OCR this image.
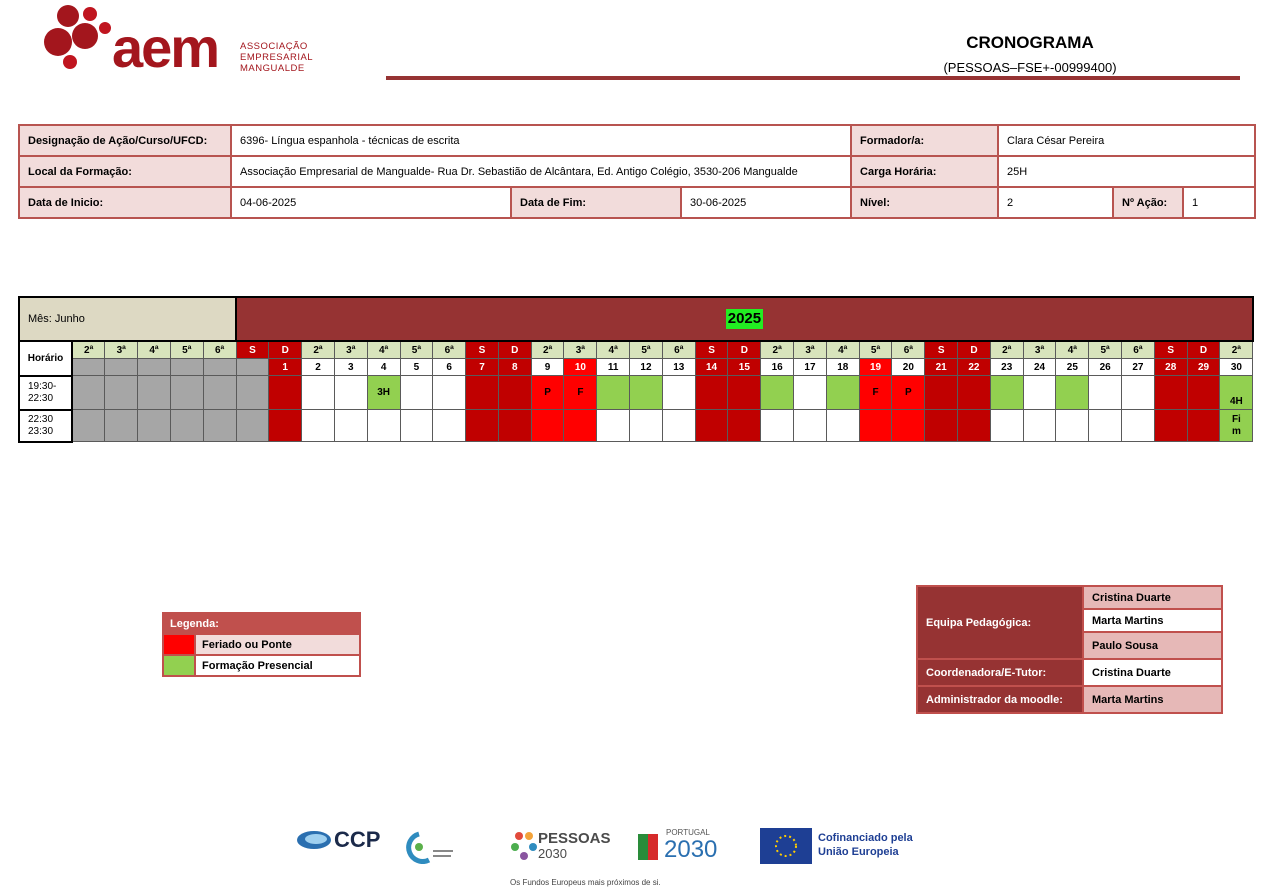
aem ASSOCIAÇÃO
EMPRESARIAL
MANGUALDE
CRONOGRAMA
(PESSOAS–FSE+-00999400)
Designação de Ação/Curso/UFCD:	6396- Língua espanhola - técnicas de escrita			Formador/a:	Clara César Pereira		
Local da Formação:	Associação Empresarial de Mangualde- Rua Dr. Sebastião de Alcântara, Ed. Antigo Colégio, 3530-206 Mangualde			Carga Horária:	25H		
Data de Inicio:	04-06-2025	Data de Fim:	30-06-2025	Nível:	2	Nº Ação:	1
Mês: Junho						2025																														
Horário	2ª	3ª	4ª	5ª	6ª	S	D	2ª	3ª	4ª	5ª	6ª	S	D	2ª	3ª	4ª	5ª	6ª	S	D	2ª	3ª	4ª	5ª	6ª	S	D	2ª	3ª	4ª	5ª	6ª	S	D	2ª
							1	2	3	4	5	6	7	8	9	10	11	12	13	14	15	16	17	18	19	20	21	22	23	24	25	26	27	28	29	30
19:30-
22:30										3H					P	F									F	P										4H
22:30
23:30																																				Fi
m
Legenda:	
	Feriado ou Ponte
	Formação Presencial
Equipa Pedagógica:	Cristina Duarte
	Marta Martins
	Paulo Sousa
Coordenadora/E-Tutor:	Cristina Duarte
Administrador da moodle:	Marta Martins
CCP	PESSOAS
2030
PORTUGAL
2030	Cofinanciado pela
União Europeia
Os Fundos Europeus mais próximos de si.
